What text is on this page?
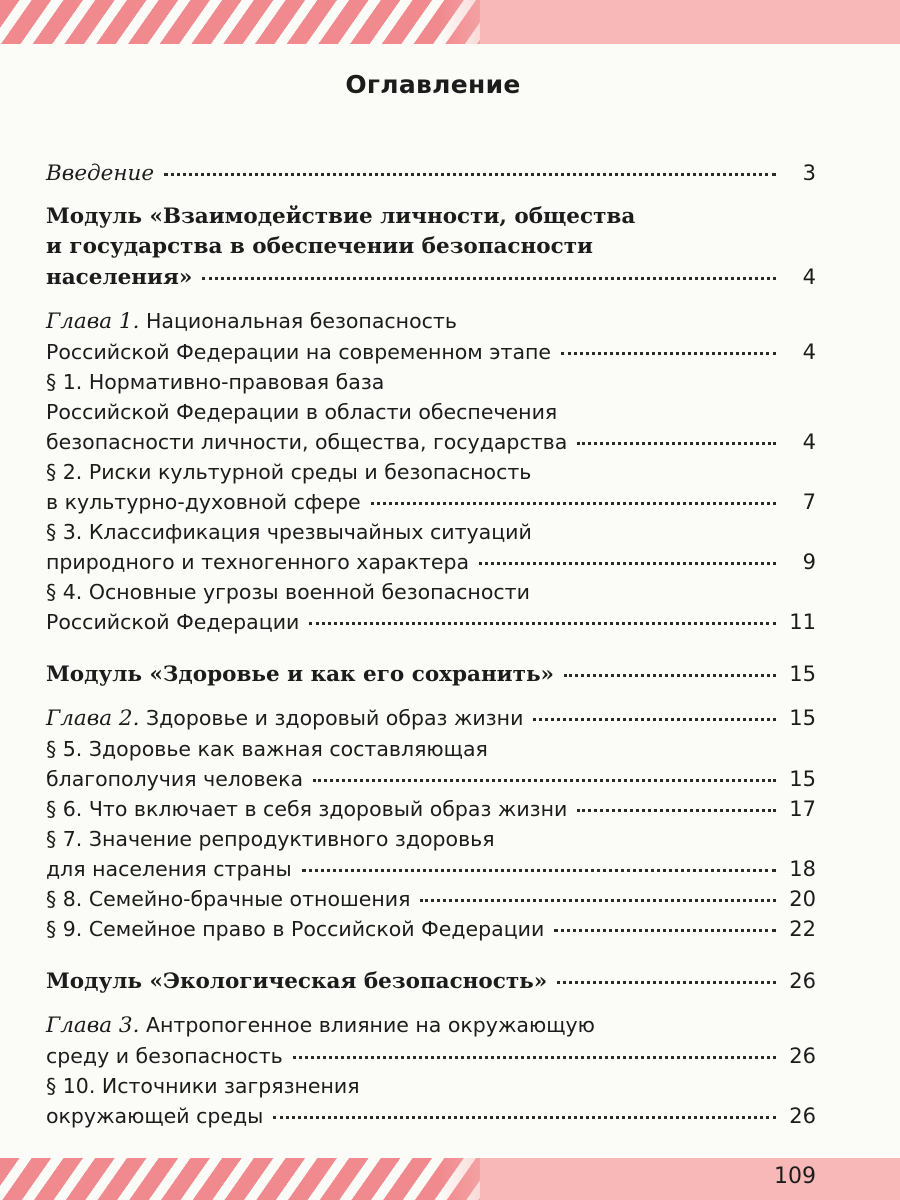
Оглавление
Введение	3
Модуль «Взаимодействие личности, общества
и государства в обеспечении безопасности
населения»	4
Глава 1. Национальная безопасность
Российской Федерации на современном этапе	4
§ 1. Нормативно-правовая база
Российской Федерации в области обеспечения
безопасности личности, общества, государства	4
§ 2. Риски культурной среды и безопасность
в культурно-духовной сфере	7
§ 3. Классификация чрезвычайных ситуаций
природного и техногенного характера	9
§ 4. Основные угрозы военной безопасности
Российской Федерации	11
Модуль «Здоровье и как его сохранить»	15
Глава 2. Здоровье и здоровый образ жизни	15
§ 5. Здоровье как важная составляющая
благополучия человека	15
§ 6. Что включает в себя здоровый образ жизни	17
§ 7. Значение репродуктивного здоровья
для населения страны	18
§ 8. Семейно-брачные отношения	20
§ 9. Семейное право в Российской Федерации	22
Модуль «Экологическая безопасность»	26
Глава 3. Антропогенное влияние на окружающую
среду и безопасность	26
§ 10. Источники загрязнения
окружающей среды	26
109
